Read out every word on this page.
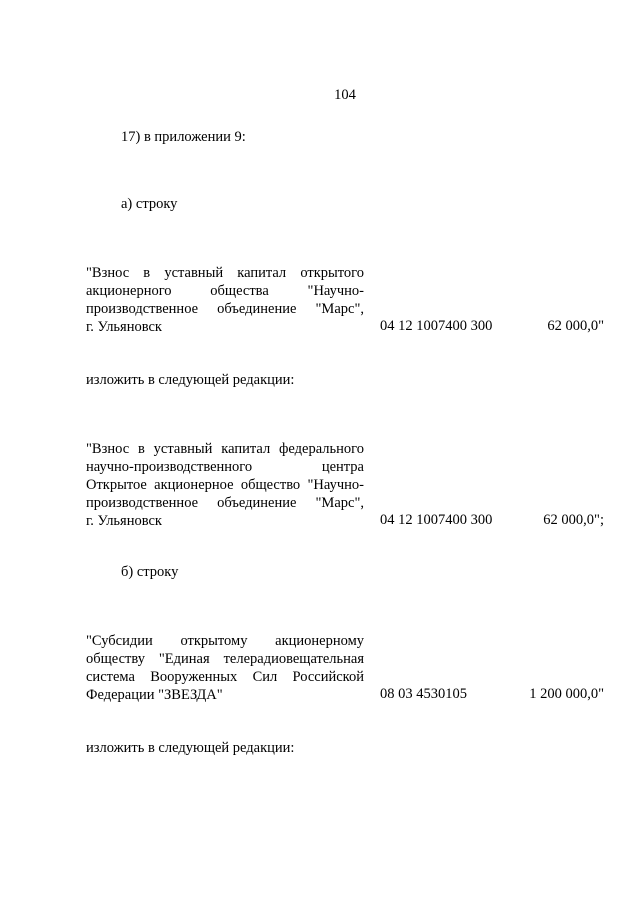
104
17) в приложении 9:
а) строку
"Взнос в уставный капитал открытого
акционерного общества "Научно-
производственное объединение "Марс",
г. Ульяновск	04 12 1007400 300	62 000,0"
изложить в следующей редакции:
"Взнос в уставный капитал федерального
научно-производственного центра
Открытое акционерное общество "Научно-
производственное объединение "Марс",
г. Ульяновск	04 12 1007400 300	62 000,0";
б) строку
"Субсидии открытому акционерному
обществу "Единая телерадиовещательная
система Вооруженных Сил Российской
Федерации "ЗВЕЗДА"	08 03 4530105	1 200 000,0"
изложить в следующей редакции:
